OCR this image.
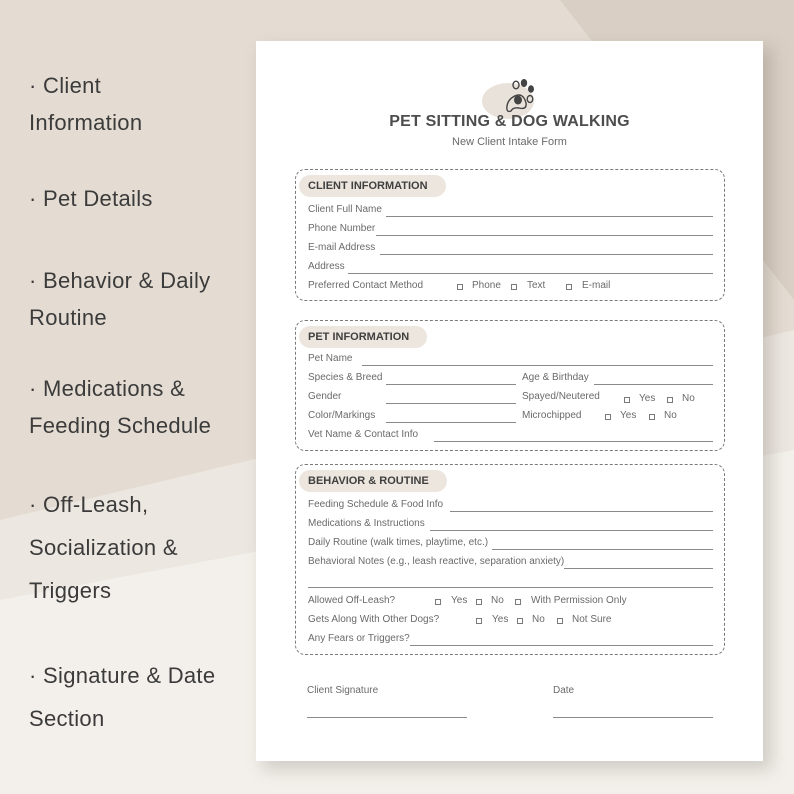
· Client
Information
· Pet Details
· Behavior & Daily
Routine
· Medications &
Feeding Schedule
· Off-Leash,
Socialization &
Triggers
· Signature & Date
Section
PET SITTING & DOG WALKING
New Client Intake Form
CLIENT INFORMATION
Client Full Name
Phone Number
E-mail Address
Address
Preferred Contact Method	Phone	Text	E-mail
PET INFORMATION
Pet Name
Species & Breed	Age & Birthday
Gender	Spayed/Neutered	Yes	No
Color/Markings	Microchipped	Yes	No
Vet Name & Contact Info
BEHAVIOR & ROUTINE
Feeding Schedule & Food Info
Medications & Instructions
Daily Routine (walk times, playtime, etc.)
Behavioral Notes (e.g., leash reactive, separation anxiety)
Allowed Off-Leash?	Yes No	With Permission Only
Gets Along With Other Dogs?	Yes No	Not Sure
Any Fears or Triggers?
Client Signature	Date
